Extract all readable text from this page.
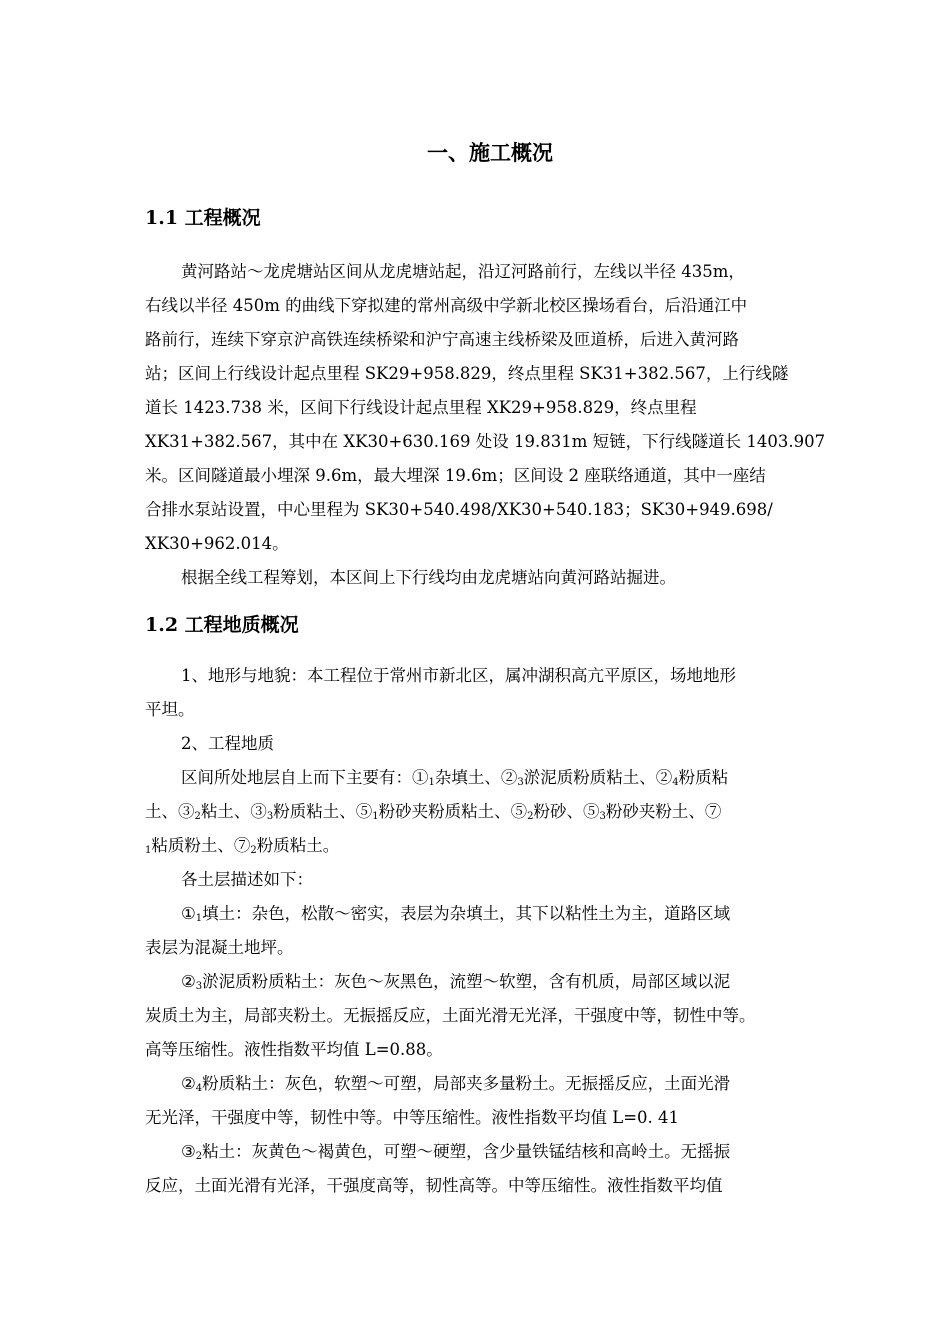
一、施工概况
1.1 工程概况
黄河路站～龙虎塘站区间从龙虎塘站起，沿辽河路前行，左线以半径 435m，
右线以半径 450m 的曲线下穿拟建的常州高级中学新北校区操场看台，后沿通江中
路前行，连续下穿京沪高铁连续桥梁和沪宁高速主线桥梁及匝道桥，后进入黄河路
站；区间上行线设计起点里程 SK29+958.829，终点里程 SK31+382.567，上行线隧
道长 1423.738 米，区间下行线设计起点里程 XK29+958.829，终点里程
XK31+382.567，其中在 XK30+630.169 处设 19.831m 短链，下行线隧道长 1403.907
米。区间隧道最小埋深 9.6m，最大埋深 19.6m；区间设 2 座联络通道，其中一座结
合排水泵站设置，中心里程为 SK30+540.498/XK30+540.183；SK30+949.698/
XK30+962.014。
根据全线工程筹划，本区间上下行线均由龙虎塘站向黄河路站掘进。
1.2 工程地质概况
1、地形与地貌：本工程位于常州市新北区，属冲湖积高亢平原区，场地地形
平坦。
2、工程地质
区间所处地层自上而下主要有：$①_1$杂填土、$②_3$淤泥质粉质粘土、$②_4$粉质粘
土、$③_2$粘土、$③_3$粉质粘土、$⑤_1$粉砂夹粉质粘土、$⑤_2$粉砂、$⑤_3$粉砂夹粉土、⑦
$_1$粘质粉土、$⑦_2$粉质粘土。
各土层描述如下：
$①_1$填土：杂色，松散～密实，表层为杂填土，其下以粘性土为主，道路区域
表层为混凝土地坪。
$②_3$淤泥质粉质粘土：灰色～灰黑色，流塑～软塑，含有机质，局部区域以泥
炭质土为主，局部夹粉土。无振摇反应，土面光滑无光泽，干强度中等，韧性中等。
高等压缩性。液性指数平均值 L=0.88。
$②_4$粉质粘土：灰色，软塑～可塑，局部夹多量粉土。无振摇反应，土面光滑
无光泽，干强度中等，韧性中等。中等压缩性。液性指数平均值 L=0. 41
$③_2$粘土：灰黄色～褐黄色，可塑～硬塑，含少量铁锰结核和高岭土。无摇振
反应，土面光滑有光泽，干强度高等，韧性高等。中等压缩性。液性指数平均值
